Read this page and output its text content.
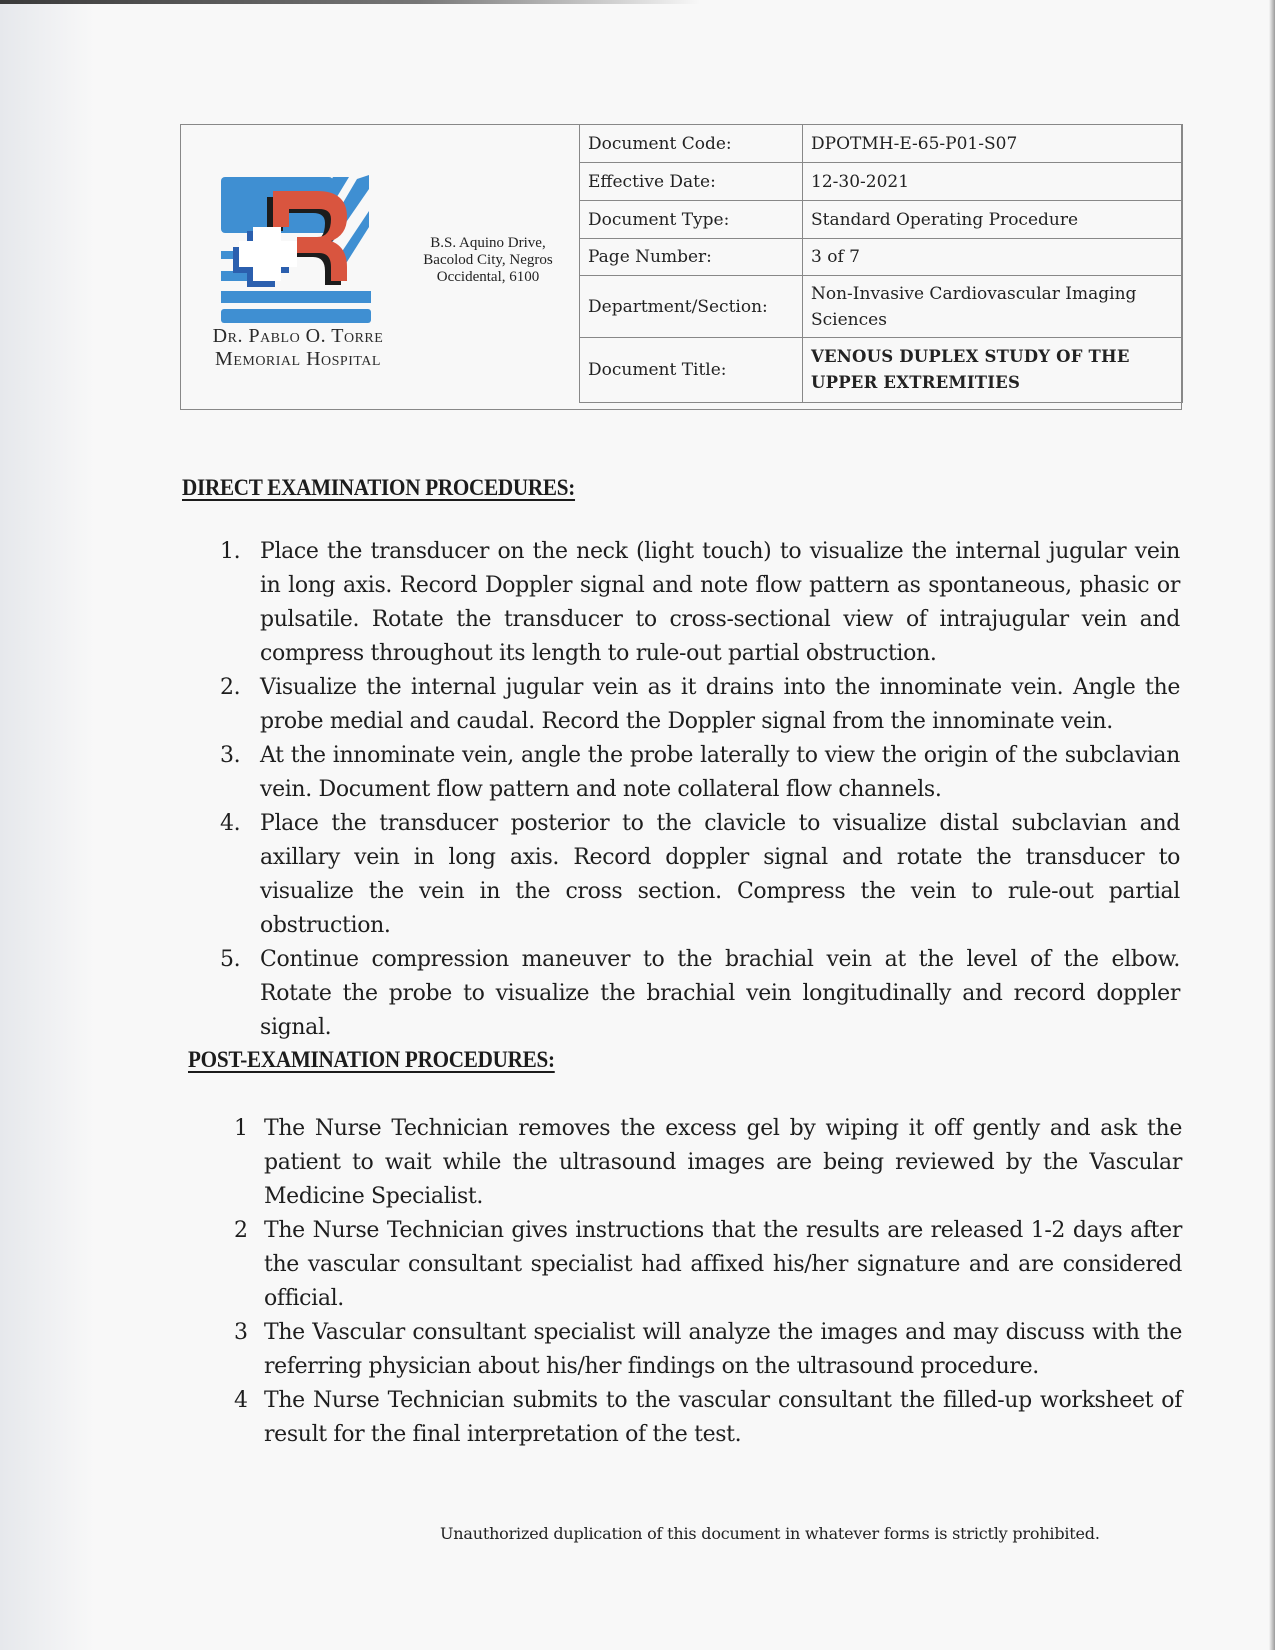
Dr. Pablo O. Torre
Memorial Hospital
B.S. Aquino Drive, Bacolod City, Negros Occidental, 6100
Document Code:	DPOTMH-E-65-P01-S07
Effective Date:	12-30-2021
Document Type:	Standard Operating Procedure
Page Number:	3 of 7
Department/Section:	Non-Invasive Cardiovascular Imaging Sciences
Document Title:	VENOUS DUPLEX STUDY OF THE UPPER EXTREMITIES
DIRECT EXAMINATION PROCEDURES:
1. Place the transducer on the neck (light touch) to visualize the internal jugular vein in long axis. Record Doppler signal and note flow pattern as spontaneous, phasic or pulsatile. Rotate the transducer to cross-sectional view of intrajugular vein and compress throughout its length to rule-out partial obstruction.
2. Visualize the internal jugular vein as it drains into the innominate vein. Angle the probe medial and caudal. Record the Doppler signal from the innominate vein.
3. At the innominate vein, angle the probe laterally to view the origin of the subclavian vein. Document flow pattern and note collateral flow channels.
4. Place the transducer posterior to the clavicle to visualize distal subclavian and axillary vein in long axis. Record doppler signal and rotate the transducer to visualize the vein in the cross section. Compress the vein to rule-out partial obstruction.
5. Continue compression maneuver to the brachial vein at the level of the elbow. Rotate the probe to visualize the brachial vein longitudinally and record doppler signal.
POST-EXAMINATION PROCEDURES:
1 The Nurse Technician removes the excess gel by wiping it off gently and ask the patient to wait while the ultrasound images are being reviewed by the Vascular Medicine Specialist.
2 The Nurse Technician gives instructions that the results are released 1-2 days after the vascular consultant specialist had affixed his/her signature and are considered official.
3 The Vascular consultant specialist will analyze the images and may discuss with the referring physician about his/her findings on the ultrasound procedure.
4 The Nurse Technician submits to the vascular consultant the filled-up worksheet of result for the final interpretation of the test.
Unauthorized duplication of this document in whatever forms is strictly prohibited.
